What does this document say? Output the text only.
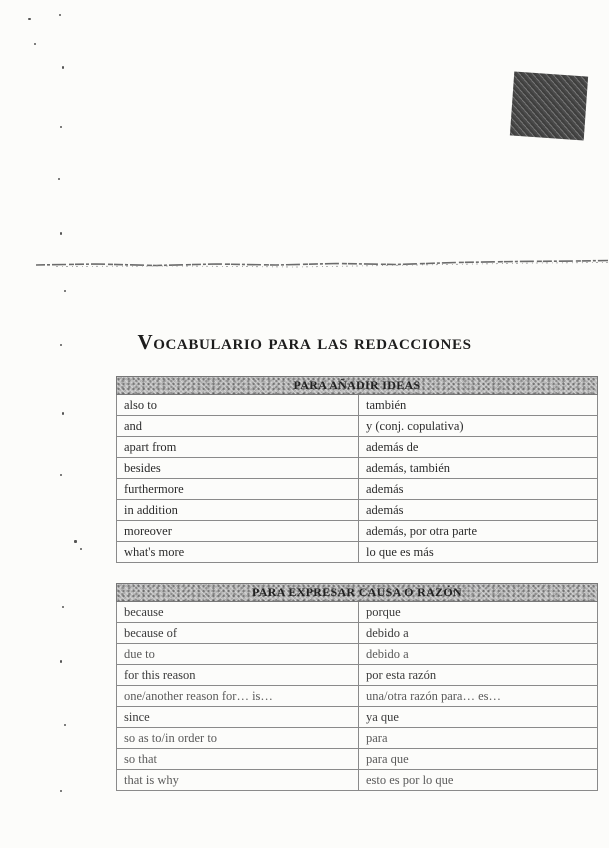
Vocabulario para las redacciones
PARA AÑADIR IDEAS	
also to	también
and	y (conj. copulativa)
apart from	además de
besides	además, también
furthermore	además
in addition	además
moreover	además, por otra parte
what's more	lo que es más
PARA EXPRESAR CAUSA O RAZÓN	
because	porque
because of	debido a
due to	debido a
for this reason	por esta razón
one/another reason for… is…	una/otra razón para… es…
since	ya que
so as to/in order to	para
so that	para que
that is why	esto es por lo que
